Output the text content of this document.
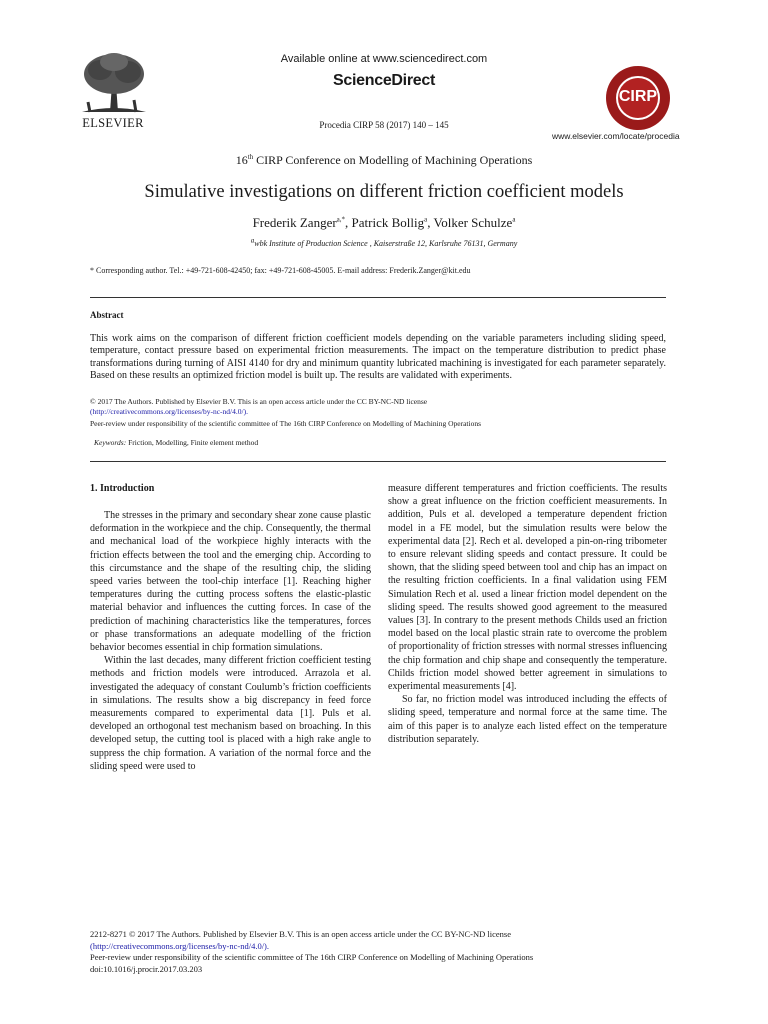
ELSEVIER
Available online at www.sciencedirect.com
ScienceDirect
Procedia CIRP 58 (2017) 140 – 145
CIRP
www.elsevier.com/locate/procedia
16th CIRP Conference on Modelling of Machining Operations
Simulative investigations on different friction coefficient models
Frederik Zanger$^{a,*}$, Patrick Bollig$^a$, Volker Schulze$^a$
awbk Institute of Production Science , Kaiserstraße 12, Karlsruhe 76131, Germany
* Corresponding author. Tel.: +49-721-608-42450; fax: +49-721-608-45005. E-mail address: Frederik.Zanger@kit.edu
Abstract
This work aims on the comparison of different friction coefficient models depending on the variable parameters including sliding speed, temperature, contact pressure based on experimental friction measurements. The impact on the temperature distribution to predict phase transformations during turning of AISI 4140 for dry and minimum quantity lubricated machining is investigated for each parameter separately. Based on these results an optimized friction model is built up. The results are validated with experiments.
© 2017 The Authors. Published by Elsevier B.V. This is an open access article under the CC BY-NC-ND license
(http://creativecommons.org/licenses/by-nc-nd/4.0/).
Peer-review under responsibility of the scientific committee of The 16th CIRP Conference on Modelling of Machining Operations
Keywords: Friction, Modelling, Finite element method
1. Introduction

The stresses in the primary and secondary shear zone cause plastic deformation in the workpiece and the chip. Consequently, the thermal and mechanical load of the workpiece highly interacts with the friction effects between the tool and the emerging chip. According to this circumstance and the shape of the resulting chip, the sliding speed varies between the tool-chip interface [1]. Reaching higher temperatures during the cutting process softens the elastic-plastic material behavior and influences the cutting forces. In case of the prediction of machining characteristics like the temperatures, forces or phase transformations an adequate modelling of the friction behavior becomes essential in chip formation simulations.

Within the last decades, many different friction coefficient testing methods and friction models were introduced. Arrazola et al. investigated the adequacy of constant Coulumb’s friction coefficients in simulations. The results show a big discrepancy in feed force measurements compared to experimental data [1]. Puls et al. developed an orthogonal test mechanism based on broaching. In this developed setup, the cutting tool is placed with a high rake angle to suppress the chip formation. A variation of the normal force and the sliding speed were used to

measure different temperatures and friction coefficients. The results show a great influence on the friction coefficient measurements. In addition, Puls et al. developed a temperature dependent friction model in a FE model, but the simulation results were below the experimental data [2]. Rech et al. developed a pin-on-ring tribometer to ensure relevant sliding speeds and contact pressure. It could be shown, that the sliding speed between tool and chip has an impact on the resulting friction coefficients. In a final validation using FEM Simulation Rech et al. used a linear friction model dependent on the sliding speed. The results showed good agreement to the measured values [3]. In contrary to the present methods Childs used an friction model based on the local plastic strain rate to overcome the problem of proportionality of friction stresses with normal stresses influencing the chip formation and chip shape and consequently the temperature. Childs friction model showed better agreement in simulations to experimental measurements [4].

So far, no friction model was introduced including the effects of sliding speed, temperature and normal force at the same time. The aim of this paper is to analyze each listed effect on the temperature distribution separately.

2212-8271 © 2017 The Authors. Published by Elsevier B.V. This is an open access article under the CC BY-NC-ND license
(http://creativecommons.org/licenses/by-nc-nd/4.0/).
Peer-review under responsibility of the scientific committee of The 16th CIRP Conference on Modelling of Machining Operations
doi:10.1016/j.procir.2017.03.203
